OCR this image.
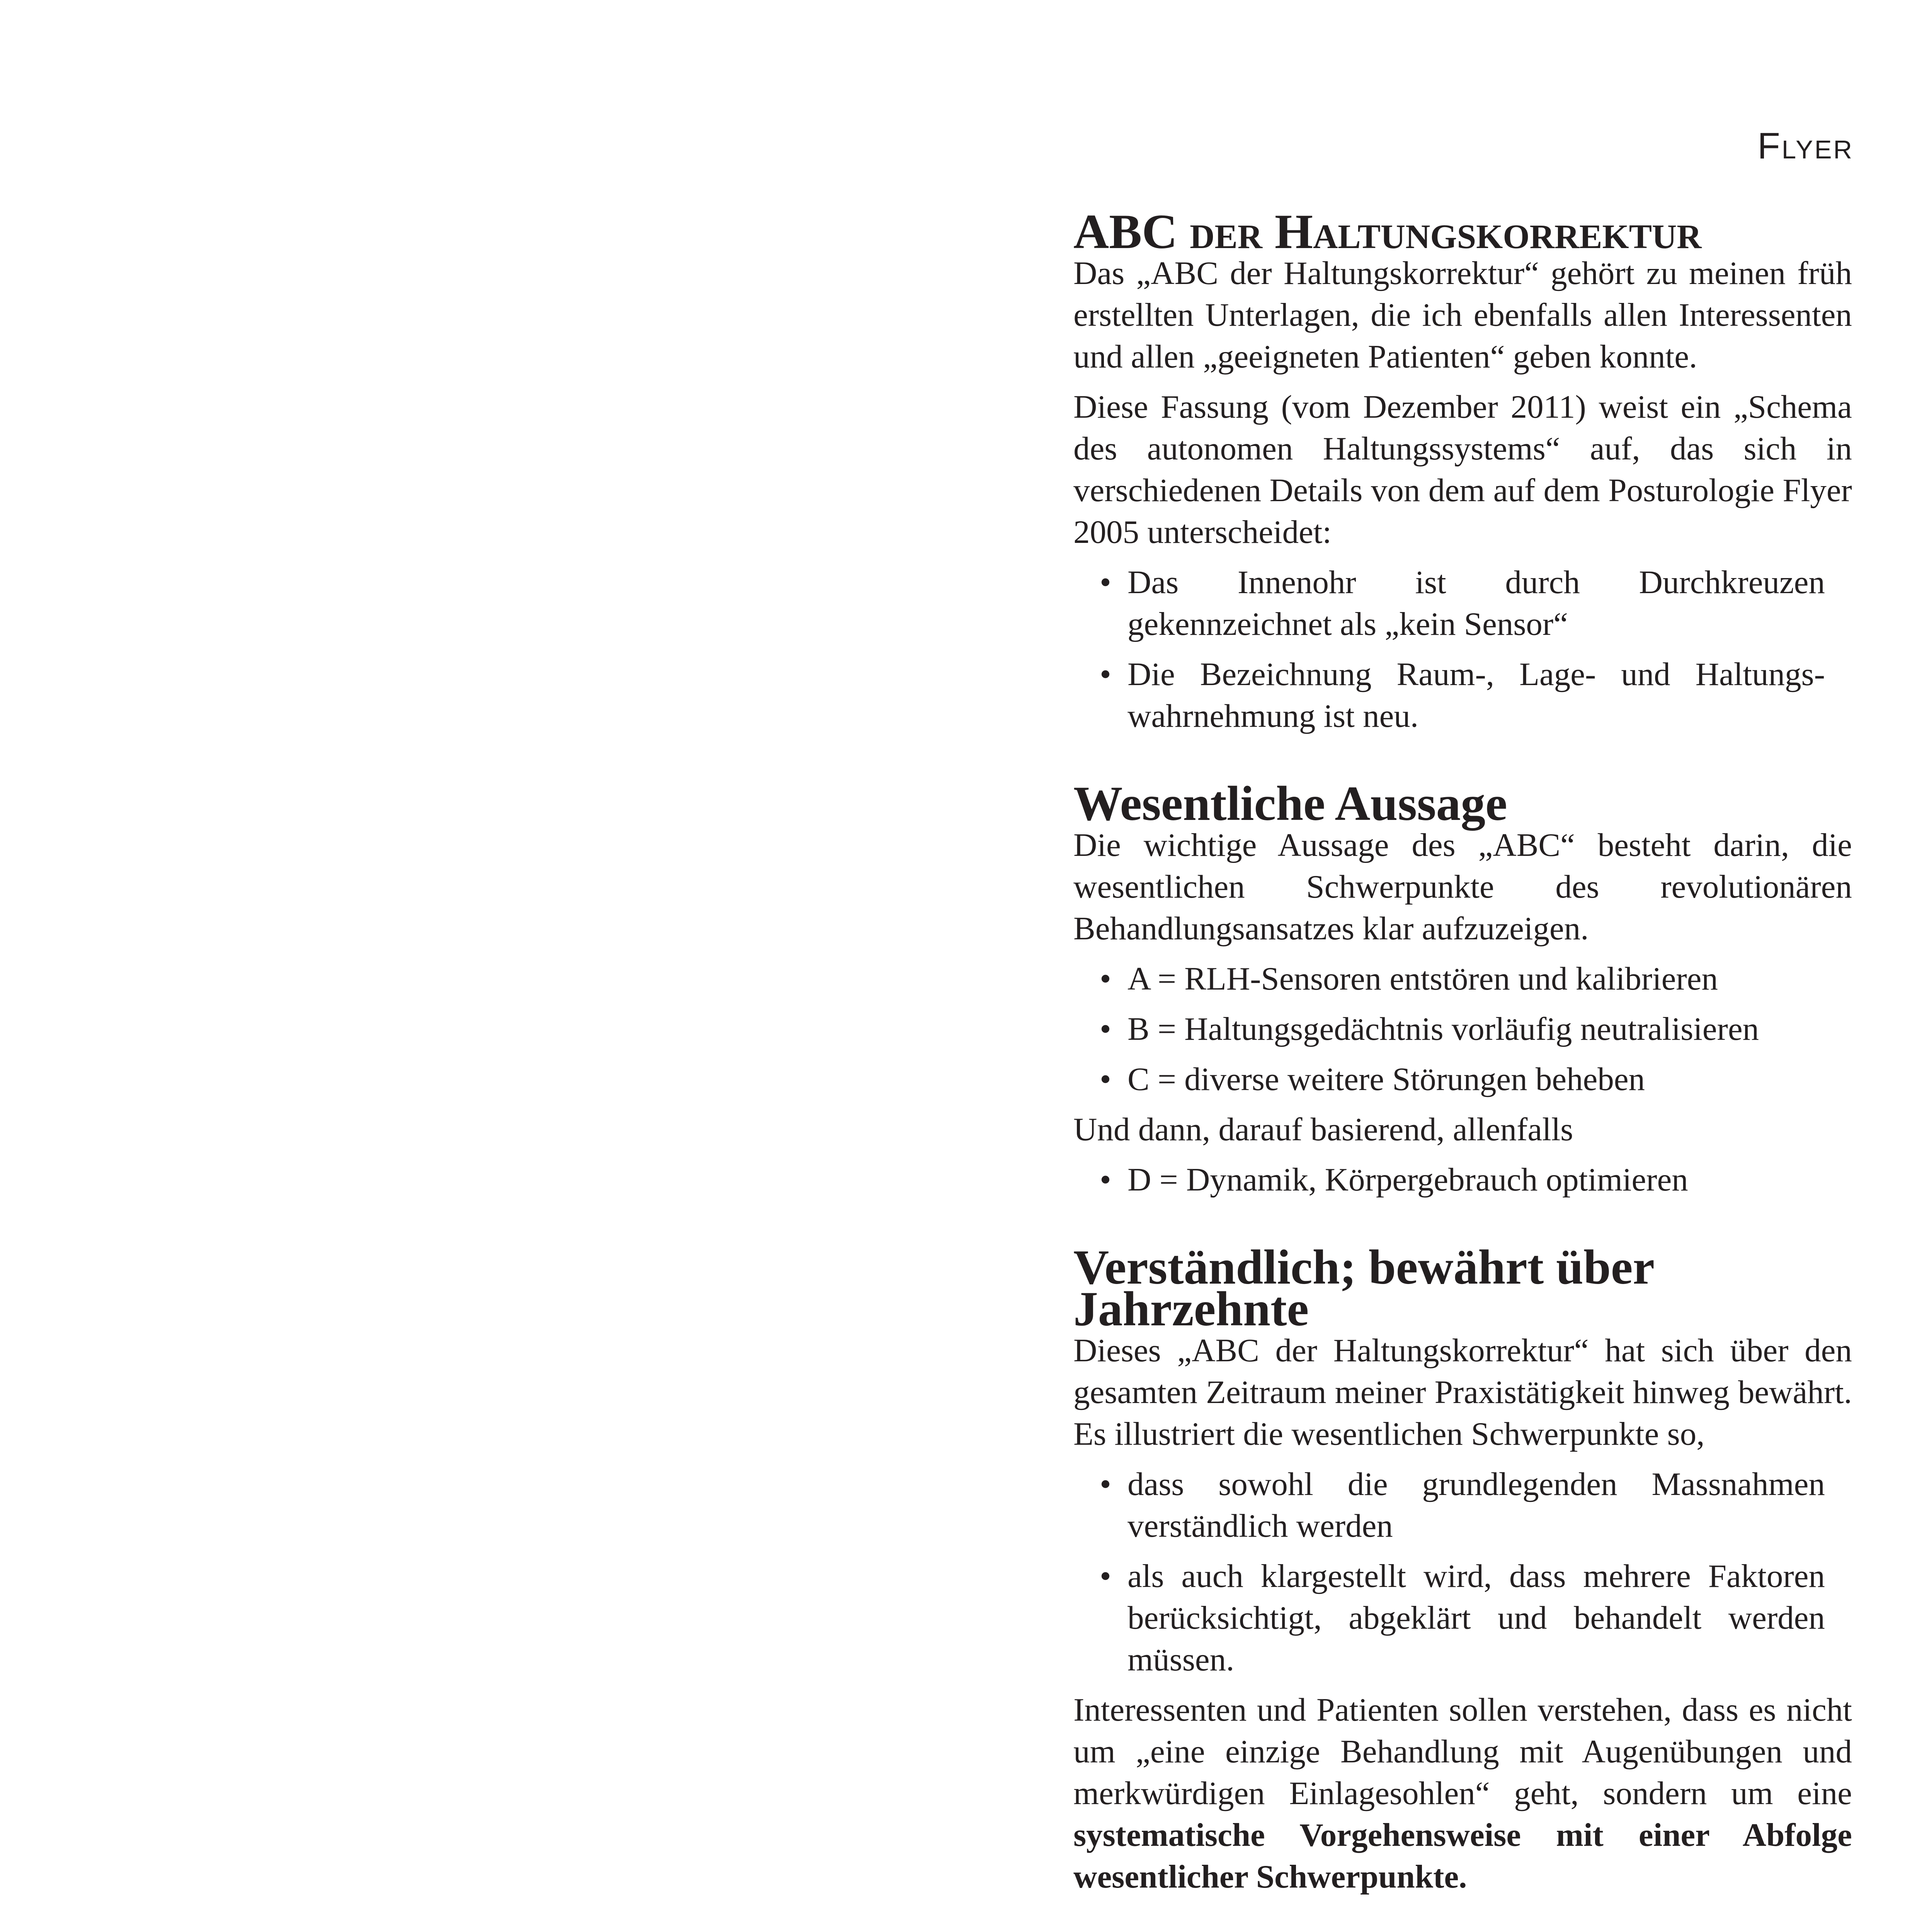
Flyer
ABC der Haltungskorrektur

Das „ABC der Haltungskorrektur“ gehört zu meinen früh erstellten Unterlagen, die ich ebenfalls allen Interessenten und allen „geeigneten Patienten“ geben konnte.

Diese Fassung (vom Dezember 2011) weist ein „Schema des autonomen Haltungssystems“ auf, das sich in verschiedenen Details von dem auf dem Posturologie Flyer 2005 unterscheidet:

• Das Innenohr ist durch Durchkreuzen gekennzeichnet als „kein Sensor“
• Die Bezeichnung Raum-, Lage- und Haltungs-wahrnehmung ist neu.
Wesentliche Aussage

Die wichtige Aussage des „ABC“ besteht darin, die wesentlichen Schwerpunkte des revolutionären Behandlungsansatzes klar aufzuzeigen.

• A = RLH-Sensoren entstören und kalibrieren
• B = Haltungsgedächtnis vorläufig neutralisieren
• C = diverse weitere Störungen beheben

Und dann, darauf basierend, allenfalls

• D = Dynamik, Körpergebrauch optimieren
Verständlich; bewährt über Jahrzehnte

Dieses „ABC der Haltungskorrektur“ hat sich über den gesamten Zeitraum meiner Praxistätigkeit hinweg bewährt. Es illustriert die wesentlichen Schwerpunkte so,

• dass sowohl die grundlegenden Massnahmen verständlich werden
• als auch klargestellt wird, dass mehrere Faktoren berücksichtigt, abgeklärt und behandelt werden müssen.

Interessenten und Patienten sollen verstehen, dass es nicht um „eine einzige Behandlung mit Augenübungen und merkwürdigen Einlagesohlen“ geht, sondern um eine systematische Vorgehensweise mit einer Abfolge wesentlicher Schwerpunkte.
